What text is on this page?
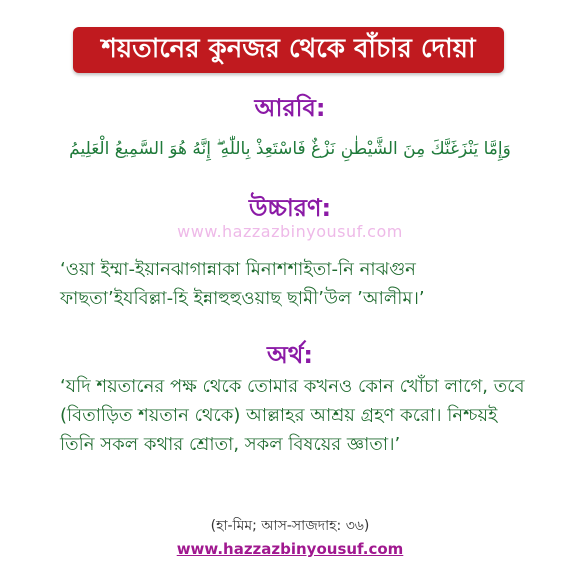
শয়তানের কুনজর থেকে বাঁচার দোয়া
আরবি:
وَإِمَّا يَنْزَغَنَّكَ مِنَ الشَّيْطٰنِ نَزْغٌ فَاسْتَعِذْ بِاللّٰهِ ۖ إِنَّهُ هُوَ السَّمِيعُ الْعَلِيمُ
উচ্চারণ:
www.hazzazbinyousuf.com
‘ওয়া ইম্মা-ইয়ানঝাগান্নাকা মিনাশশাইতা-নি নাঝগুন ফাছতা’ইযবিল্লা-হি ইন্নাহুহুওয়াছ ছামী’উল ’আলীম।’
অর্থ:
‘যদি শয়তানের পক্ষ থেকে তোমার কখনও কোন খোঁচা লাগে, তবে (বিতাড়িত শয়তান থেকে) আল্লাহর আশ্রয় গ্রহণ করো। নিশ্চয়ই তিনি সকল কথার শ্রোতা, সকল বিষয়ের জ্ঞাতা।’
(হা-মিম; আস-সাজদাহ: ৩৬)
www.hazzazbinyousuf.com
